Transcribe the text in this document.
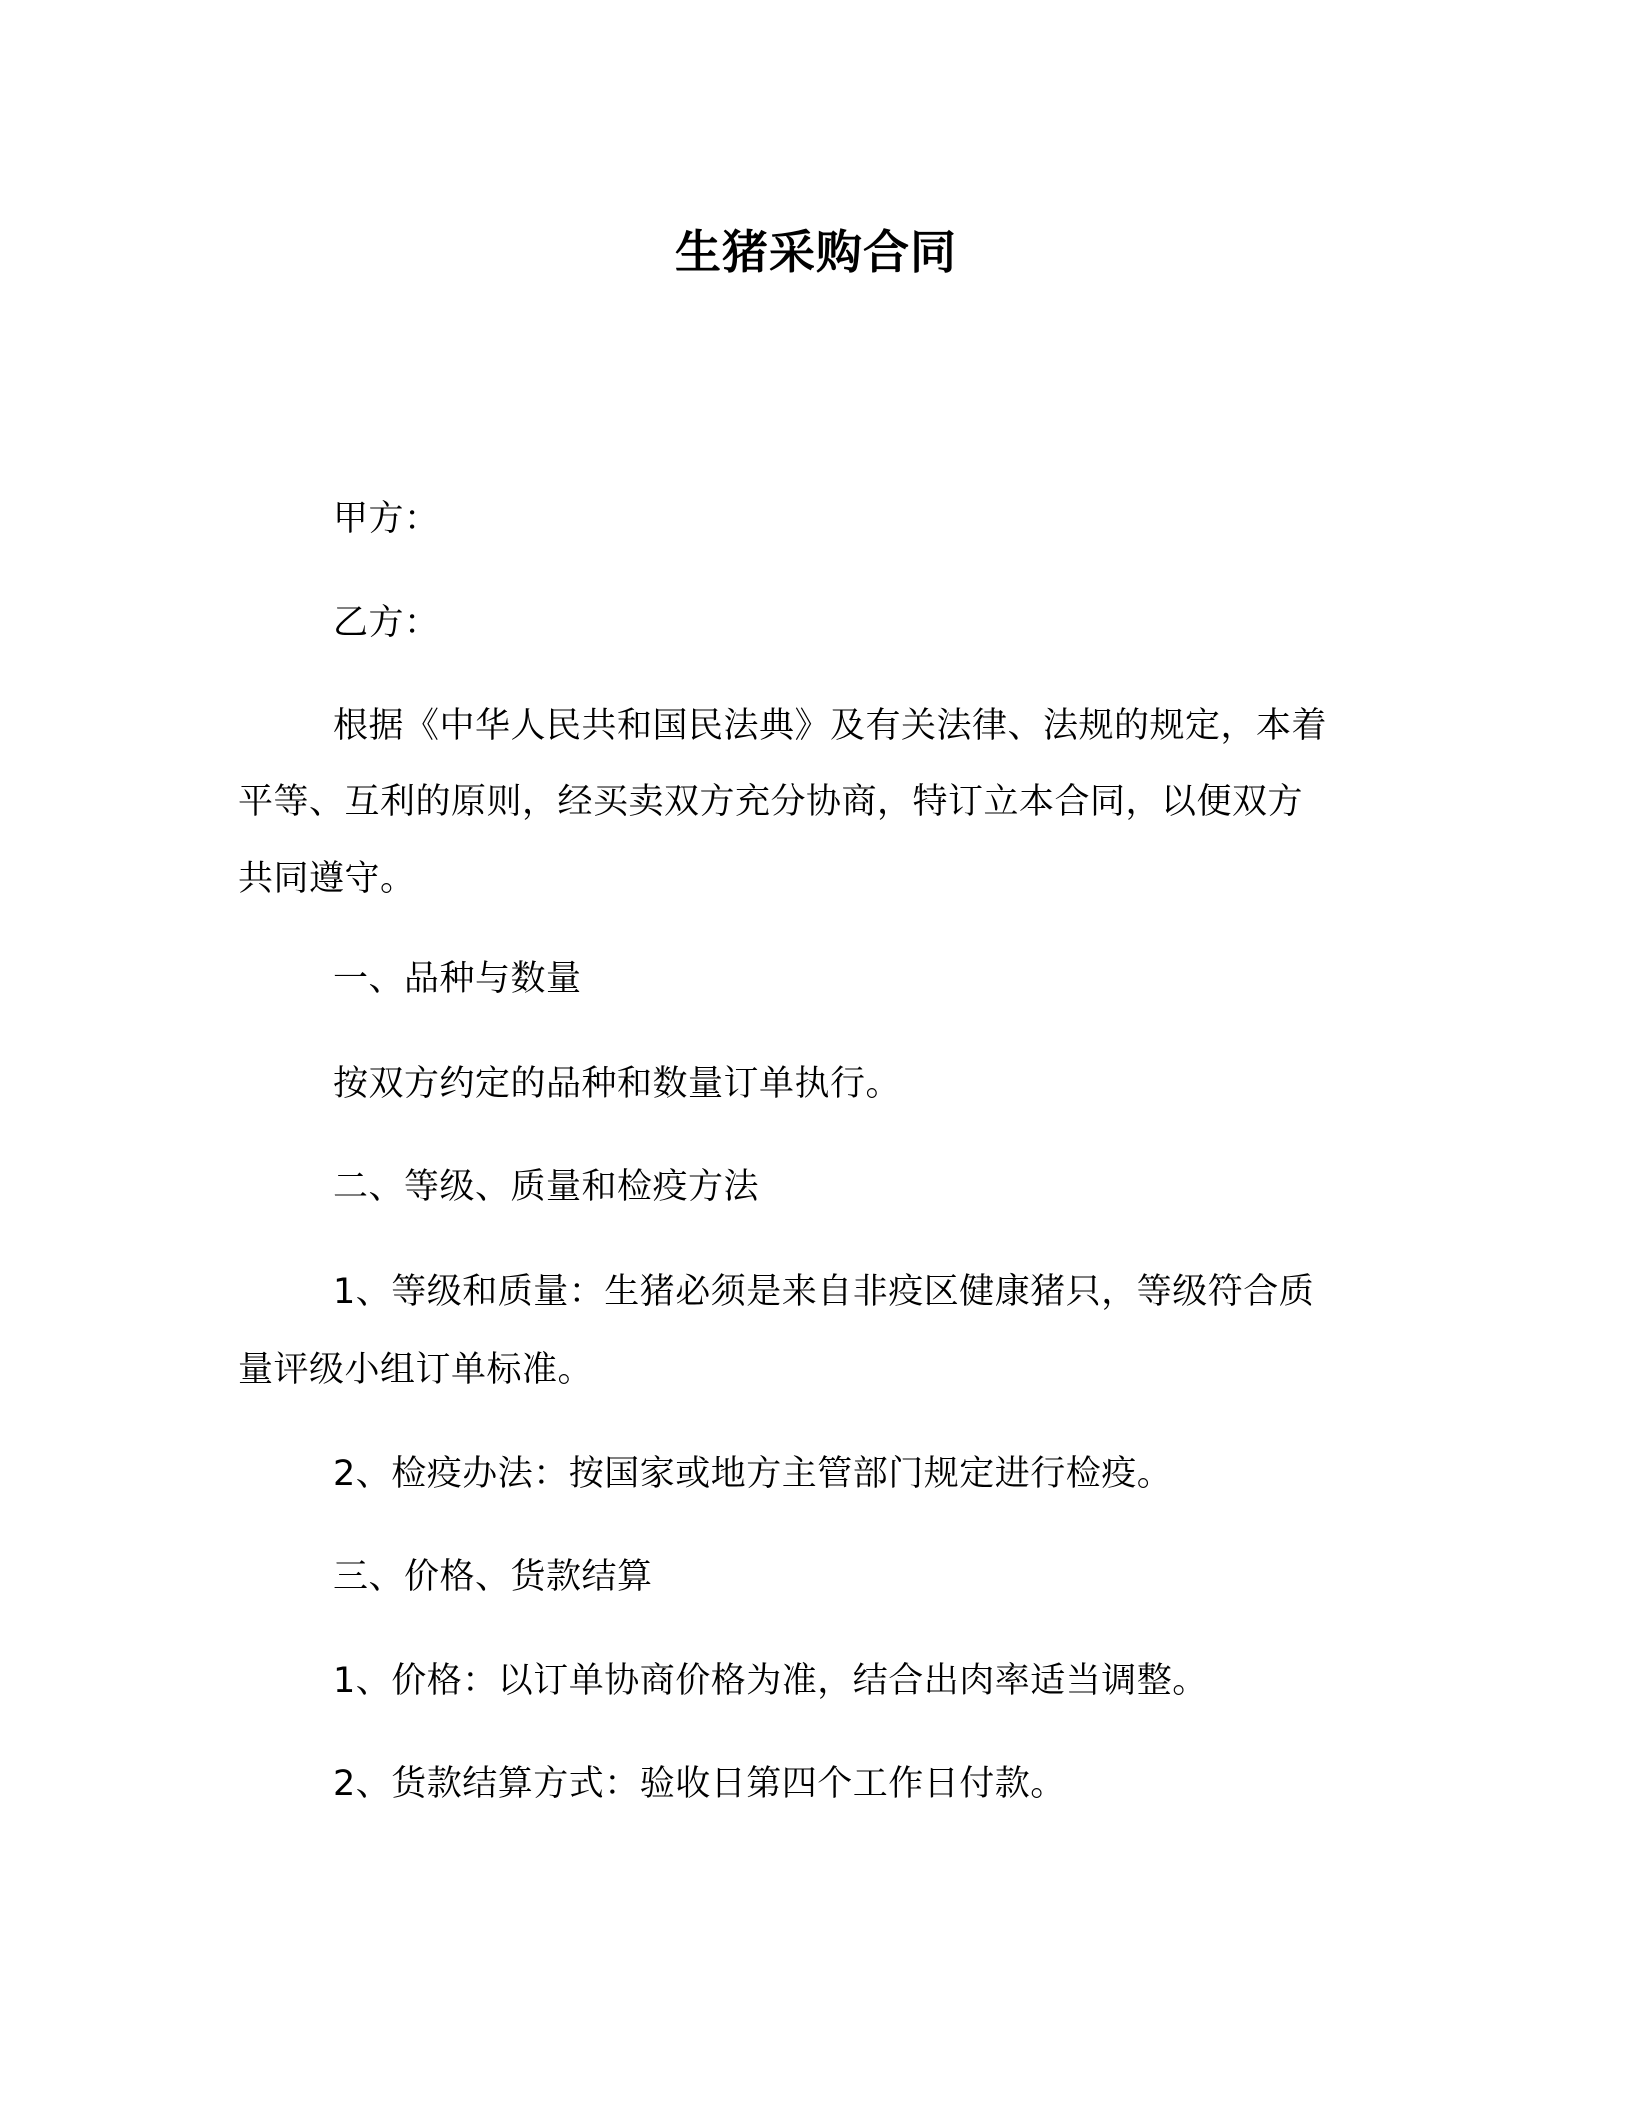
生猪采购合同
甲方：
乙方：
根据《中华人民共和国民法典》及有关法律、法规的规定，本着
平等、互利的原则，经买卖双方充分协商，特订立本合同，以便双方
共同遵守。
一、品种与数量
按双方约定的品种和数量订单执行。
二、等级、质量和检疫方法
1、等级和质量：生猪必须是来自非疫区健康猪只，等级符合质
量评级小组订单标准。
2、检疫办法：按国家或地方主管部门规定进行检疫。
三、价格、货款结算
1、价格：以订单协商价格为准，结合出肉率适当调整。
2、货款结算方式：验收日第四个工作日付款。
